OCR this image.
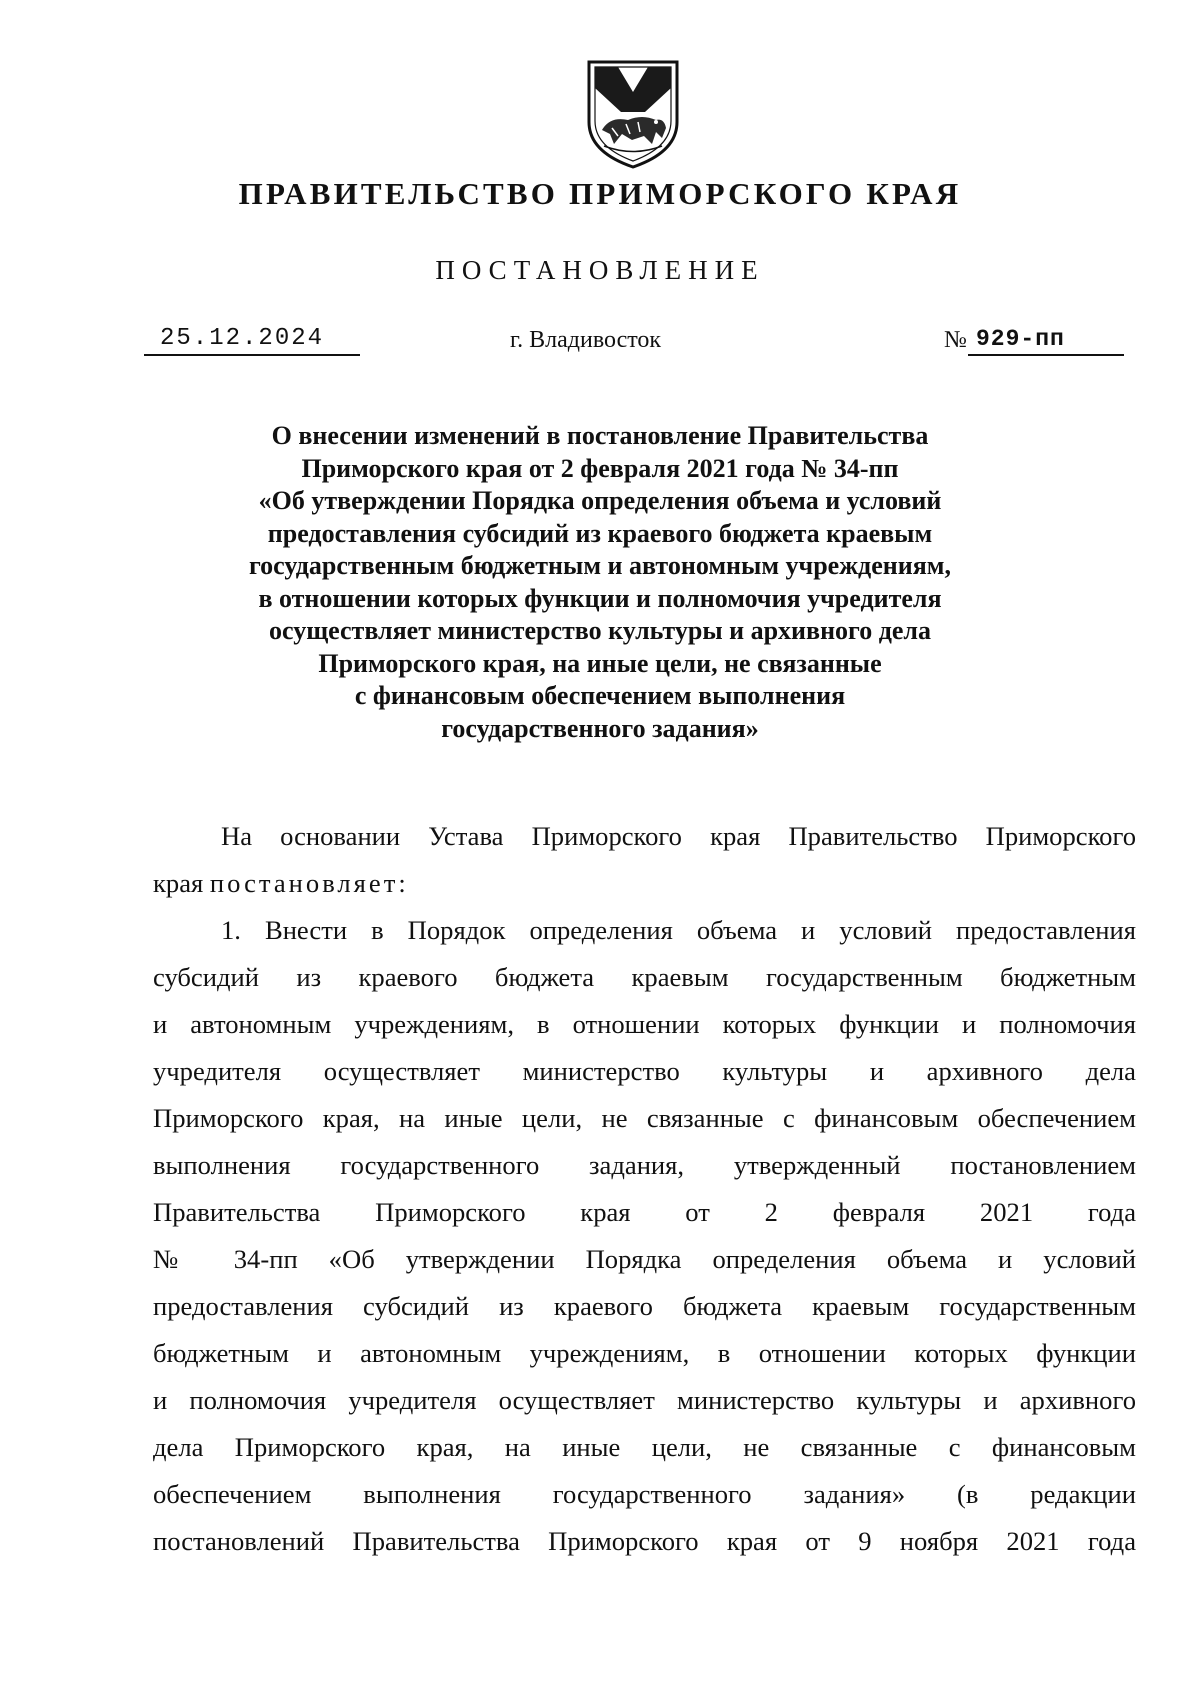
ПРАВИТЕЛЬСТВО ПРИМОРСКОГО КРАЯ
ПОСТАНОВЛЕНИЕ
25.12.2024	г. Владивосток	№ 929-пп
О внесении изменений в постановление Правительства
Приморского края от 2 февраля 2021 года № 34-пп
«Об утверждении Порядка определения объема и условий
предоставления субсидий из краевого бюджета краевым
государственным бюджетным и автономным учреждениям,
в отношении которых функции и полномочия учредителя
осуществляет министерство культуры и архивного дела
Приморского края, на иные цели, не связанные
с финансовым обеспечением выполнения
государственного задания»
На основании Устава Приморского края Правительство Приморского
края постановляет:
1. Внести в Порядок определения объема и условий предоставления
субсидий из краевого бюджета краевым государственным бюджетным
и автономным учреждениям, в отношении которых функции и полномочия
учредителя осуществляет министерство культуры и архивного дела
Приморского края, на иные цели, не связанные с финансовым обеспечением
выполнения государственного задания, утвержденный постановлением
Правительства Приморского края от 2 февраля 2021 года
№ 34-пп «Об утверждении Порядка определения объема и условий
предоставления субсидий из краевого бюджета краевым государственным
бюджетным и автономным учреждениям, в отношении которых функции
и полномочия учредителя осуществляет министерство культуры и архивного
дела Приморского края, на иные цели, не связанные с финансовым
обеспечением выполнения государственного задания» (в редакции
постановлений Правительства Приморского края от 9 ноября 2021 года
